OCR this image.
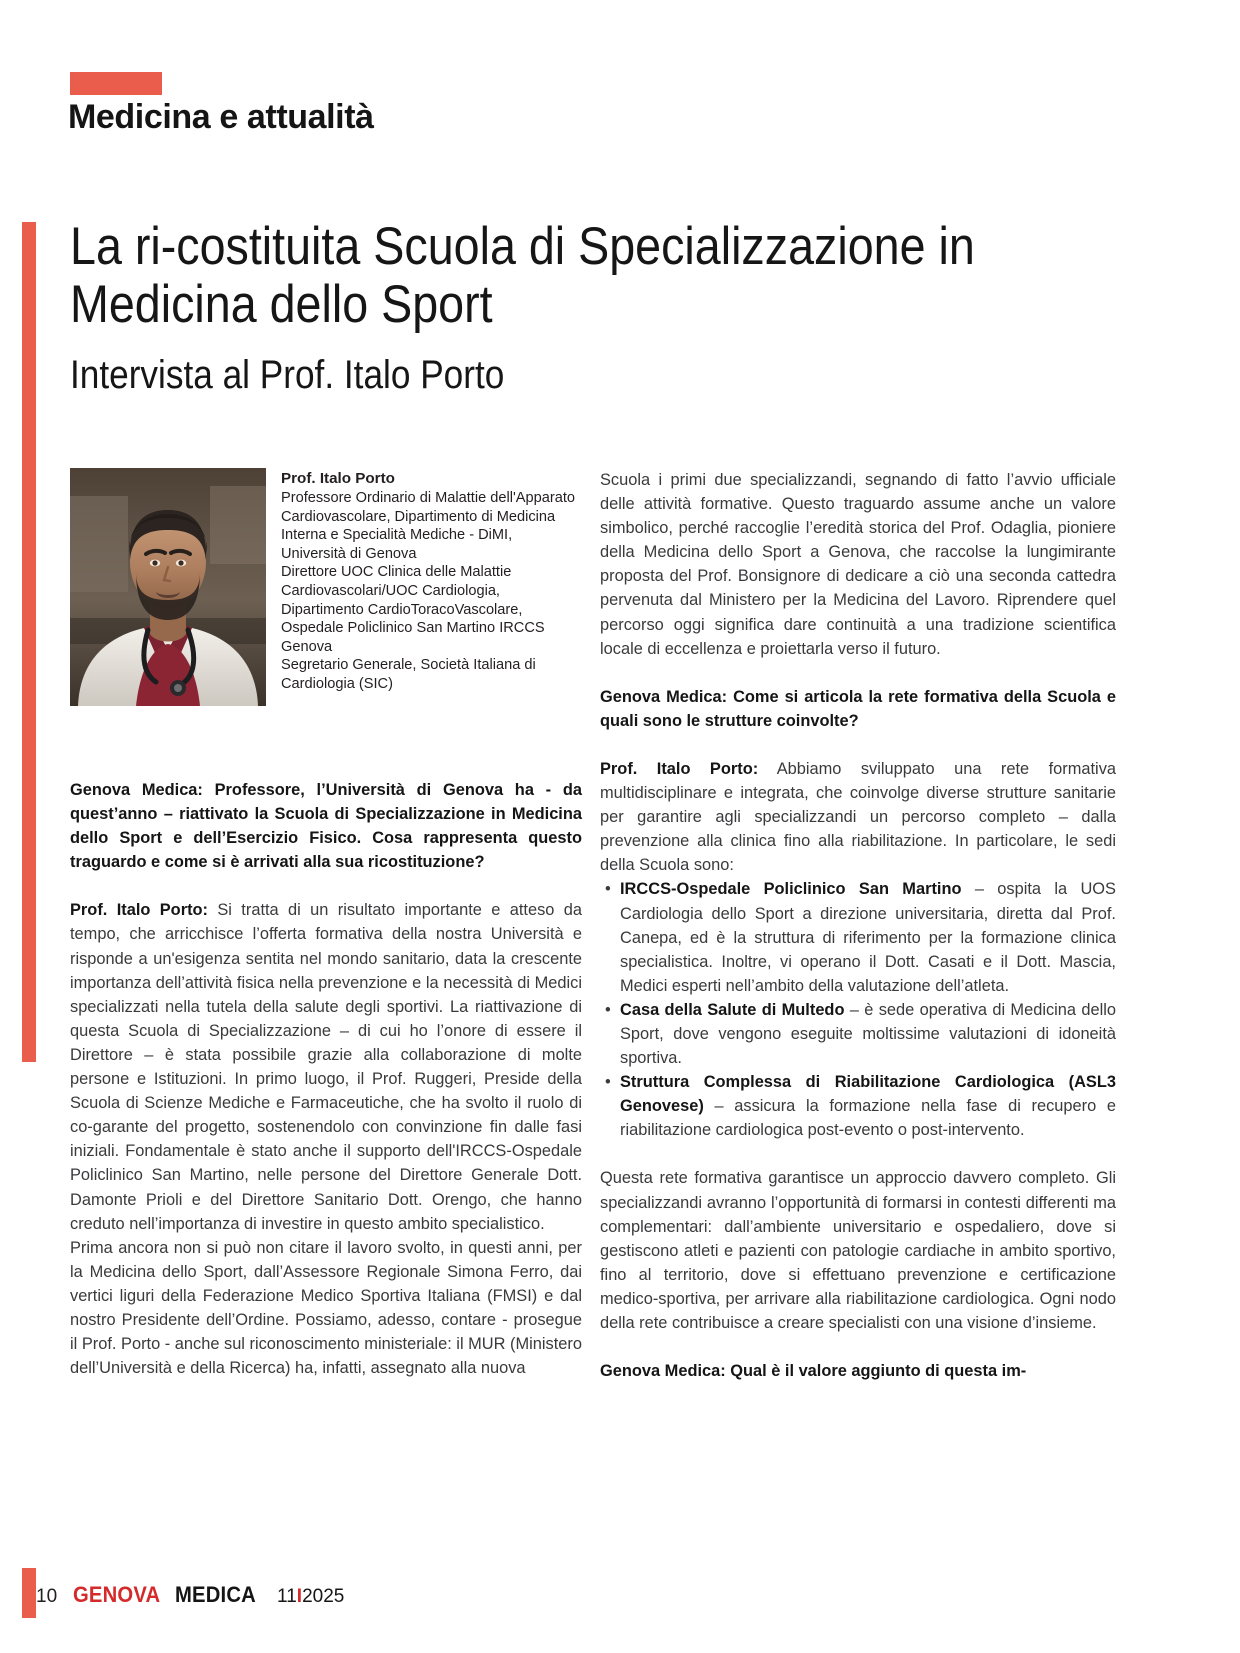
Medicina e attualità
La ri-costituita Scuola di Specializzazione in Medicina dello Sport
Intervista al Prof. Italo Porto
Prof. Italo Porto

Professore Ordinario di Malattie dell'Apparato Cardiovascolare, Dipartimento di Medicina Interna e Specialità Mediche - DiMI, Università di Genova

Direttore UOC Clinica delle Malattie Cardiovascolari/UOC Cardiologia, Dipartimento CardioToracoVascolare, Ospedale Policlinico San Martino IRCCS Genova

Segretario Generale, Società Italiana di Cardiologia (SIC)

Genova Medica: Professore, l’Università di Genova ha - da quest’anno – riattivato la Scuola di Specializzazione in Medicina dello Sport e dell’Esercizio Fisico. Cosa rappresenta questo traguardo e come si è arrivati alla sua ricostituzione?

Prof. Italo Porto: Si tratta di un risultato importante e atteso da tempo, che arricchisce l’offerta formativa della nostra Università e risponde a un'esigenza sentita nel mondo sanitario, data la crescente importanza dell’attività fisica nella prevenzione e la necessità di Medici specializzati nella tutela della salute degli sportivi. La riattivazione di questa Scuola di Specializzazione – di cui ho l’onore di essere il Direttore – è stata possibile grazie alla collaborazione di molte persone e Istituzioni. In primo luogo, il Prof. Ruggeri, Preside della Scuola di Scienze Mediche e Farmaceutiche, che ha svolto il ruolo di co-garante del progetto, sostenendolo con convinzione fin dalle fasi iniziali. Fondamentale è stato anche il supporto dell'IRCCS-Ospedale Policlinico San Martino, nelle persone del Direttore Generale Dott. Damonte Prioli e del Direttore Sanitario Dott. Orengo, che hanno creduto nell’importanza di investire in questo ambito specialistico.

Prima ancora non si può non citare il lavoro svolto, in questi anni, per la Medicina dello Sport, dall’Assessore Regionale Simona Ferro, dai vertici liguri della Federazione Medico Sportiva Italiana (FMSI) e dal nostro Presidente dell’Ordine. Possiamo, adesso, contare - prosegue il Prof. Porto - anche sul riconoscimento ministeriale: il MUR (Ministero dell’Università e della Ricerca) ha, infatti, assegnato alla nuova

Scuola i primi due specializzandi, segnando di fatto l’avvio ufficiale delle attività formative. Questo traguardo assume anche un valore simbolico, perché raccoglie l’eredità storica del Prof. Odaglia, pioniere della Medicina dello Sport a Genova, che raccolse la lungimirante proposta del Prof. Bonsignore di dedicare a ciò una seconda cattedra pervenuta dal Ministero per la Medicina del Lavoro. Riprendere quel percorso oggi significa dare continuità a una tradizione scientifica locale di eccellenza e proiettarla verso il futuro.

Genova Medica: Come si articola la rete formativa della Scuola e quali sono le strutture coinvolte?

Prof. Italo Porto: Abbiamo sviluppato una rete formativa multidisciplinare e integrata, che coinvolge diverse strutture sanitarie per garantire agli specializzandi un percorso completo – dalla prevenzione alla clinica fino alla riabilitazione. In particolare, le sedi della Scuola sono:

• IRCCS-Ospedale Policlinico San Martino – ospita la UOS Cardiologia dello Sport a direzione universitaria, diretta dal Prof. Canepa, ed è la struttura di riferimento per la formazione clinica specialistica. Inoltre, vi operano il Dott. Casati e il Dott. Mascia, Medici esperti nell’ambito della valutazione dell’atleta.
• Casa della Salute di Multedo – è sede operativa di Medicina dello Sport, dove vengono eseguite moltissime valutazioni di idoneità sportiva.
• Struttura Complessa di Riabilitazione Cardiologica (ASL3 Genovese) – assicura la formazione nella fase di recupero e riabilitazione cardiologica post-evento o post-intervento.

Questa rete formativa garantisce un approccio davvero completo. Gli specializzandi avranno l’opportunità di formarsi in contesti differenti ma complementari: dall’ambiente universitario e ospedaliero, dove si gestiscono atleti e pazienti con patologie cardiache in ambito sportivo, fino al territorio, dove si effettuano prevenzione e certificazione medico-sportiva, per arrivare alla riabilitazione cardiologica. Ogni nodo della rete contribuisce a creare specialisti con una visione d’insieme.

Genova Medica: Qual è il valore aggiunto di questa im-

10 GENOVA MEDICA 11I2025
